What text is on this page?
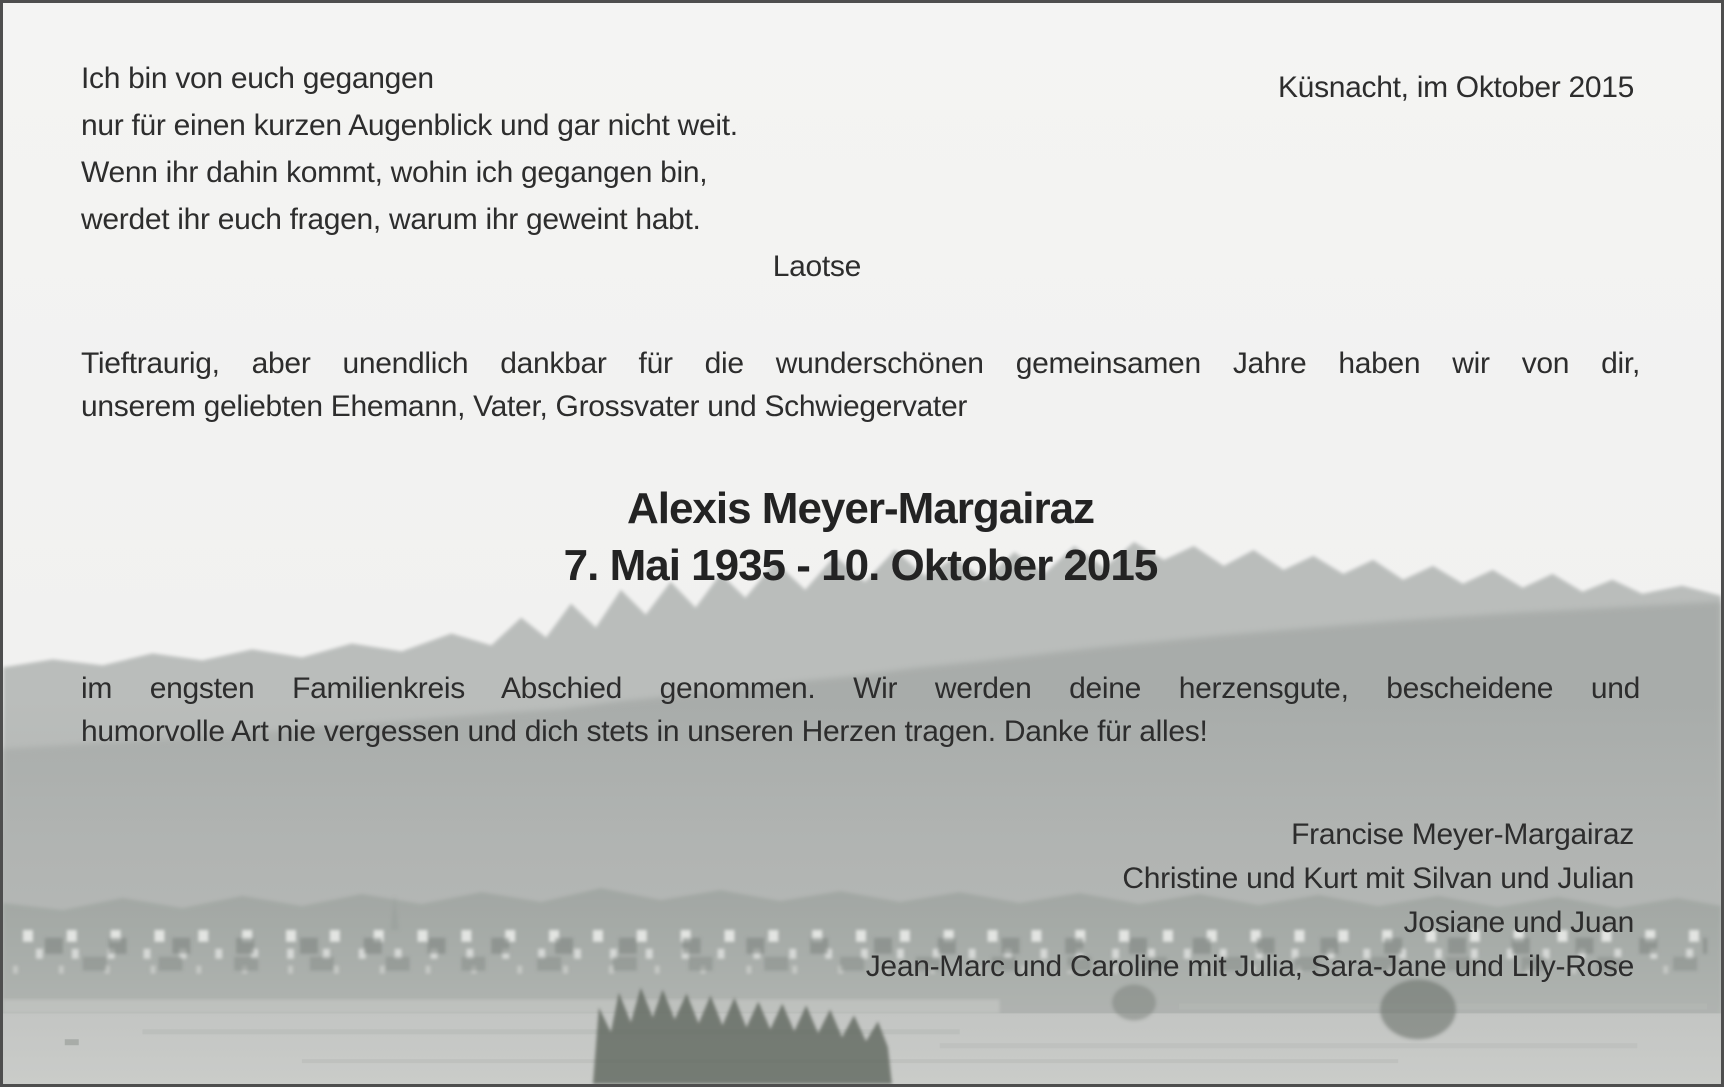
Ich bin von euch gegangen
nur für einen kurzen Augenblick und gar nicht weit.
Wenn ihr dahin kommt, wohin ich gegangen bin,
werdet ihr euch fragen, warum ihr geweint habt.
Laotse
Küsnacht, im Oktober 2015
Tieftraurig, aber unendlich dankbar für die wunderschönen gemeinsamen Jahre haben wir von dir,
unserem geliebten Ehemann, Vater, Grossvater und Schwiegervater
Alexis Meyer-Margairaz
7. Mai 1935 - 10. Oktober 2015
im engsten Familienkreis Abschied genommen. Wir werden deine herzensgute, bescheidene und
humorvolle Art nie vergessen und dich stets in unseren Herzen tragen. Danke für alles!
Francise Meyer-Margairaz
Christine und Kurt mit Silvan und Julian
Josiane und Juan
Jean-Marc und Caroline mit Julia, Sara-Jane und Lily-Rose
